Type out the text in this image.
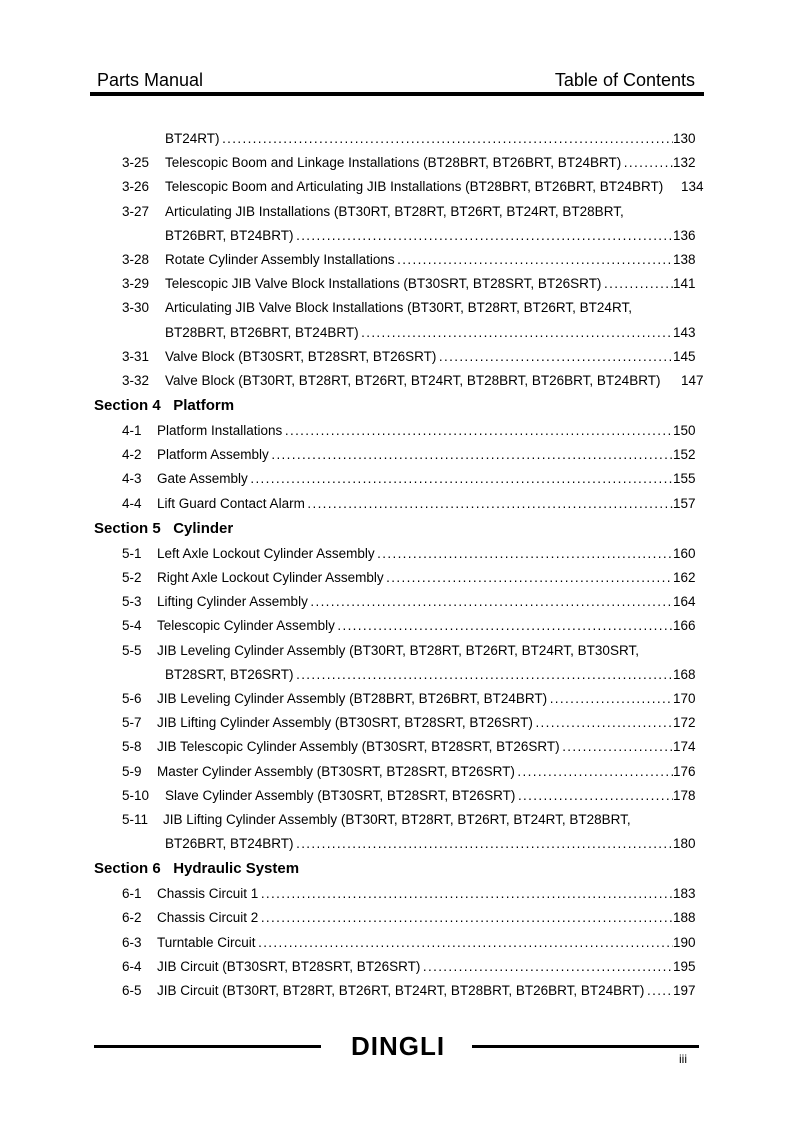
Parts Manual	Table of Contents
BT24RT) . . .	130
3-25 Telescopic Boom and Linkage Installations (BT28BRT, BT26BRT, BT24BRT) . . .	132
3-26 Telescopic Boom and Articulating JIB Installations (BT28BRT, BT26BRT, BT24BRT)	134
3-27 Articulating JIB Installations (BT30RT, BT28RT, BT26RT, BT24RT, BT28BRT,
BT26BRT, BT24BRT) . . .	136
3-28 Rotate Cylinder Assembly Installations . . .	138
3-29 Telescopic JIB Valve Block Installations (BT30SRT, BT28SRT, BT26SRT) . . .	141
3-30 Articulating JIB Valve Block Installations (BT30RT, BT28RT, BT26RT, BT24RT,
BT28BRT, BT26BRT, BT24BRT) . . .	143
3-31 Valve Block (BT30SRT, BT28SRT, BT26SRT) . . .	145
3-32 Valve Block (BT30RT, BT28RT, BT26RT, BT24RT, BT28BRT, BT26BRT, BT24BRT)	147
Section 4   Platform
4-1 Platform Installations . . .	150
4-2 Platform Assembly . . .	152
4-3 Gate Assembly . . .	155
4-4 Lift Guard Contact Alarm . . .	157
Section 5   Cylinder
5-1 Left Axle Lockout Cylinder Assembly . . .	160
5-2 Right Axle Lockout Cylinder Assembly . . .	162
5-3 Lifting Cylinder Assembly . . .	164
5-4 Telescopic Cylinder Assembly . . .	166
5-5 JIB Leveling Cylinder Assembly (BT30RT, BT28RT, BT26RT, BT24RT, BT30SRT,
BT28SRT, BT26SRT) . . .	168
5-6 JIB Leveling Cylinder Assembly (BT28BRT, BT26BRT, BT24BRT) . . .	170
5-7 JIB Lifting Cylinder Assembly (BT30SRT, BT28SRT, BT26SRT) . . .	172
5-8 JIB Telescopic Cylinder Assembly (BT30SRT, BT28SRT, BT26SRT) . . .	174
5-9 Master Cylinder Assembly (BT30SRT, BT28SRT, BT26SRT) . . .	176
5-10 Slave Cylinder Assembly (BT30SRT, BT28SRT, BT26SRT) . . .	178
5-11 JIB Lifting Cylinder Assembly (BT30RT, BT28RT, BT26RT, BT24RT, BT28BRT,
BT26BRT, BT24BRT) . . .	180
Section 6   Hydraulic System
6-1 Chassis Circuit 1 . . .	183
6-2 Chassis Circuit 2 . . .	188
6-3 Turntable Circuit . . .	190
6-4 JIB Circuit (BT30SRT, BT28SRT, BT26SRT) . . .	195
6-5 JIB Circuit (BT30RT, BT28RT, BT26RT, BT24RT, BT28BRT, BT26BRT, BT24BRT) . . .	197
DINGLI	iii
